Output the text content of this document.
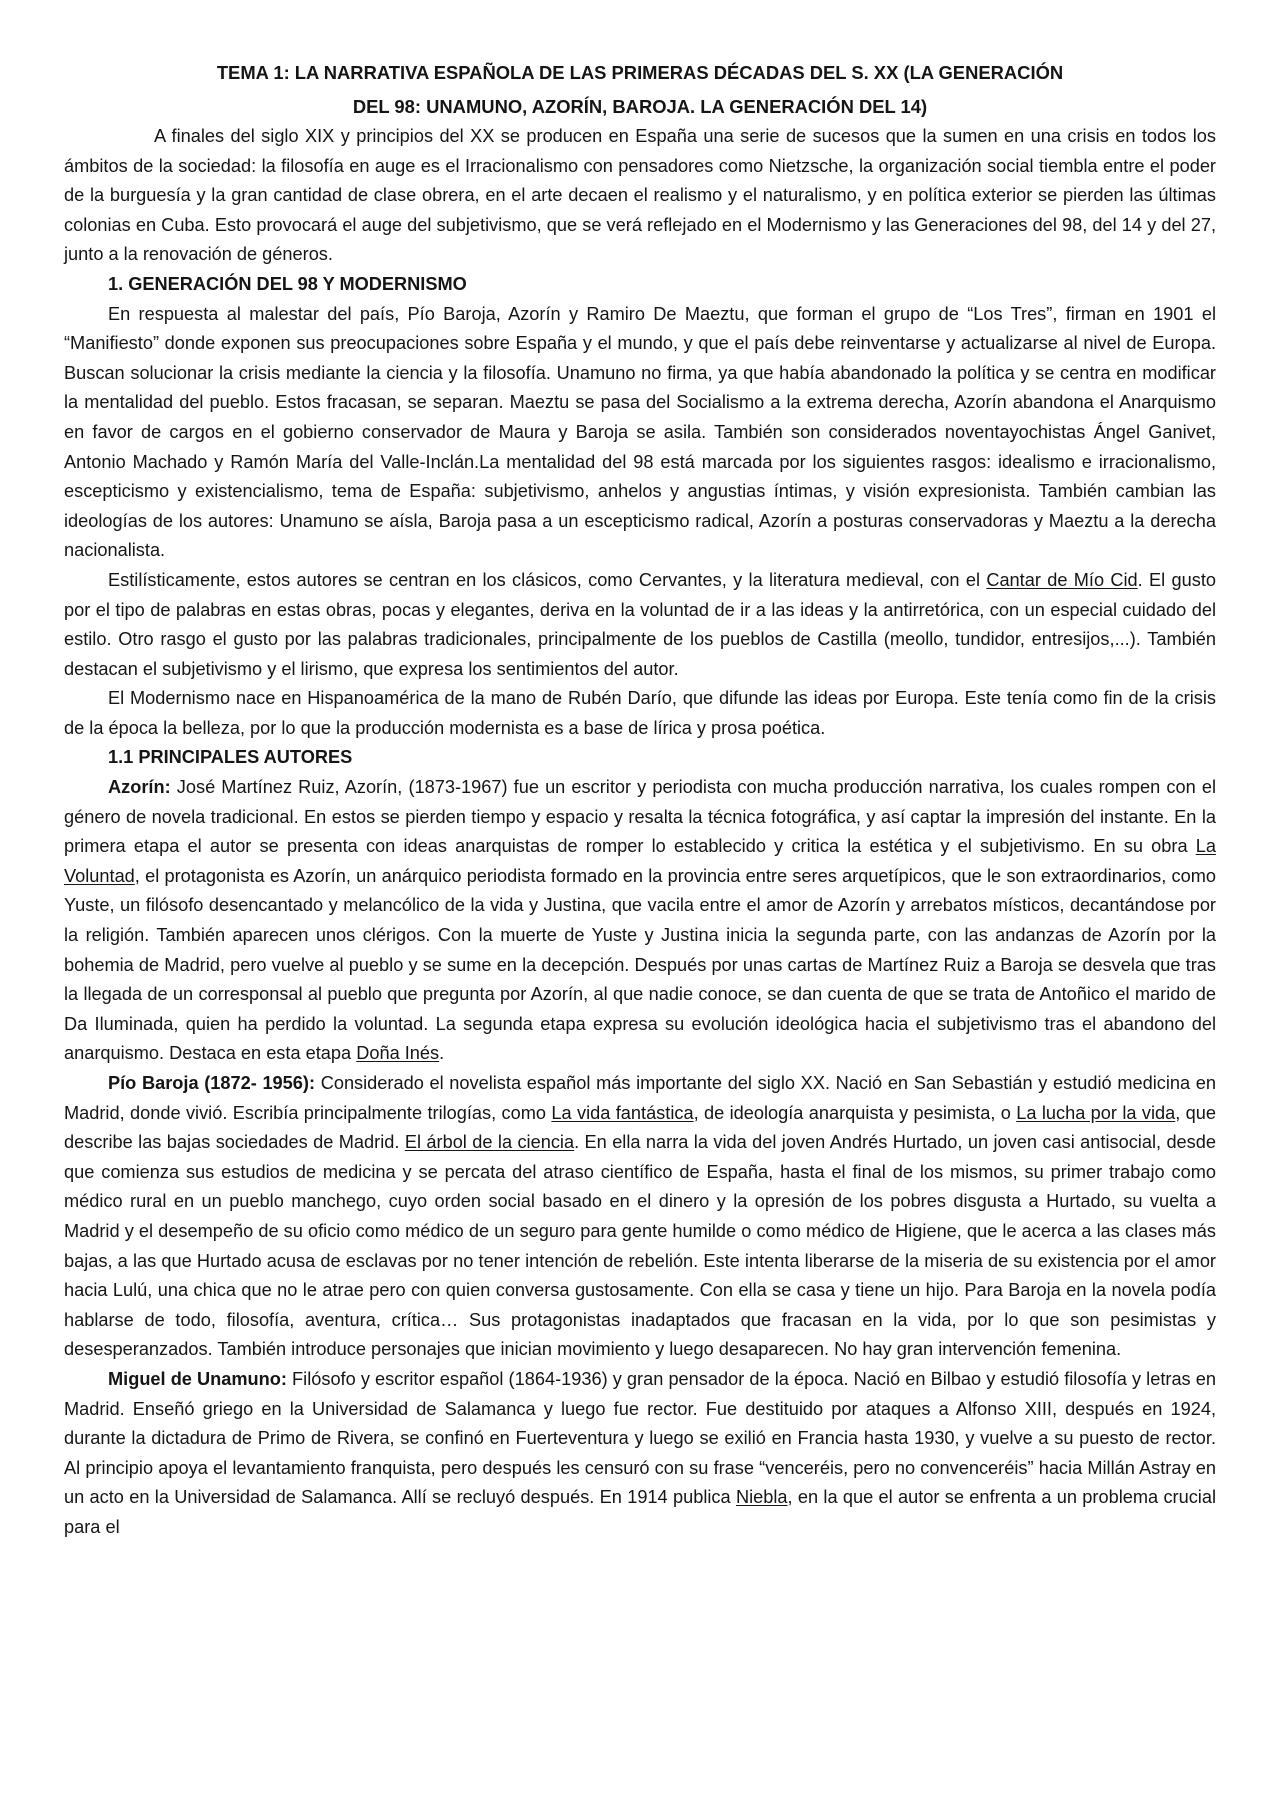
TEMA 1: LA NARRATIVA ESPAÑOLA DE LAS PRIMERAS DÉCADAS DEL S. XX (LA GENERACIÓN
DEL 98: UNAMUNO, AZORÍN, BAROJA. LA GENERACIÓN DEL 14)

A finales del siglo XIX y principios del XX se producen en España una serie de sucesos que la sumen en una crisis en todos los ámbitos de la sociedad: la filosofía en auge es el Irracionalismo con pensadores como Nietzsche, la organización social tiembla entre el poder de la burguesía y la gran cantidad de clase obrera, en el arte decaen el realismo y el naturalismo, y en política exterior se pierden las últimas colonias en Cuba. Esto provocará el auge del subjetivismo, que se verá reflejado en el Modernismo y las Generaciones del 98, del 14 y del 27, junto a la renovación de géneros.

1. GENERACIÓN DEL 98 Y MODERNISMO

En respuesta al malestar del país, Pío Baroja, Azorín y Ramiro De Maeztu, que forman el grupo de “Los Tres”, firman en 1901 el “Manifiesto” donde exponen sus preocupaciones sobre España y el mundo, y que el país debe reinventarse y actualizarse al nivel de Europa. Buscan solucionar la crisis mediante la ciencia y la filosofía. Unamuno no firma, ya que había abandonado la política y se centra en modificar la mentalidad del pueblo. Estos fracasan, se separan. Maeztu se pasa del Socialismo a la extrema derecha, Azorín abandona el Anarquismo en favor de cargos en el gobierno conservador de Maura y Baroja se asila. También son considerados noventayochistas Ángel Ganivet, Antonio Machado y Ramón María del Valle-Inclán.La mentalidad del 98 está marcada por los siguientes rasgos: idealismo e irracionalismo, escepticismo y existencialismo, tema de España: subjetivismo, anhelos y angustias íntimas, y visión expresionista. También cambian las ideologías de los autores: Unamuno se aísla, Baroja pasa a un escepticismo radical, Azorín a posturas conservadoras y Maeztu a la derecha nacionalista.

Estilísticamente, estos autores se centran en los clásicos, como Cervantes, y la literatura medieval, con el Cantar de Mío Cid. El gusto por el tipo de palabras en estas obras, pocas y elegantes, deriva en la voluntad de ir a las ideas y la antirretórica, con un especial cuidado del estilo. Otro rasgo el gusto por las palabras tradicionales, principalmente de los pueblos de Castilla (meollo, tundidor, entresijos,...). También destacan el subjetivismo y el lirismo, que expresa los sentimientos del autor.

El Modernismo nace en Hispanoamérica de la mano de Rubén Darío, que difunde las ideas por Europa. Este tenía como fin de la crisis de la época la belleza, por lo que la producción modernista es a base de lírica y prosa poética.

1.1 PRINCIPALES AUTORES

Azorín: José Martínez Ruiz, Azorín, (1873-1967) fue un escritor y periodista con mucha producción narrativa, los cuales rompen con el género de novela tradicional. En estos se pierden tiempo y espacio y resalta la técnica fotográfica, y así captar la impresión del instante. En la primera etapa el autor se presenta con ideas anarquistas de romper lo establecido y critica la estética y el subjetivismo. En su obra La Voluntad, el protagonista es Azorín, un anárquico periodista formado en la provincia entre seres arquetípicos, que le son extraordinarios, como Yuste, un filósofo desencantado y melancólico de la vida y Justina, que vacila entre el amor de Azorín y arrebatos místicos, decantándose por la religión. También aparecen unos clérigos. Con la muerte de Yuste y Justina inicia la segunda parte, con las andanzas de Azorín por la bohemia de Madrid, pero vuelve al pueblo y se sume en la decepción. Después por unas cartas de Martínez Ruiz a Baroja se desvela que tras la llegada de un corresponsal al pueblo que pregunta por Azorín, al que nadie conoce, se dan cuenta de que se trata de Antoñico el marido de Da Iluminada, quien ha perdido la voluntad. La segunda etapa expresa su evolución ideológica hacia el subjetivismo tras el abandono del anarquismo. Destaca en esta etapa Doña Inés.

Pío Baroja (1872- 1956): Considerado el novelista español más importante del siglo XX. Nació en San Sebastián y estudió medicina en Madrid, donde vivió. Escribía principalmente trilogías, como La vida fantástica, de ideología anarquista y pesimista, o La lucha por la vida, que describe las bajas sociedades de Madrid. El árbol de la ciencia. En ella narra la vida del joven Andrés Hurtado, un joven casi antisocial, desde que comienza sus estudios de medicina y se percata del atraso científico de España, hasta el final de los mismos, su primer trabajo como médico rural en un pueblo manchego, cuyo orden social basado en el dinero y la opresión de los pobres disgusta a Hurtado, su vuelta a Madrid y el desempeño de su oficio como médico de un seguro para gente humilde o como médico de Higiene, que le acerca a las clases más bajas, a las que Hurtado acusa de esclavas por no tener intención de rebelión. Este intenta liberarse de la miseria de su existencia por el amor hacia Lulú, una chica que no le atrae pero con quien conversa gustosamente. Con ella se casa y tiene un hijo. Para Baroja en la novela podía hablarse de todo, filosofía, aventura, crítica… Sus protagonistas inadaptados que fracasan en la vida, por lo que son pesimistas y desesperanzados. También introduce personajes que inician movimiento y luego desaparecen. No hay gran intervención femenina.

Miguel de Unamuno: Filósofo y escritor español (1864-1936) y gran pensador de la época. Nació en Bilbao y estudió filosofía y letras en Madrid. Enseñó griego en la Universidad de Salamanca y luego fue rector. Fue destituido por ataques a Alfonso XIII, después en 1924, durante la dictadura de Primo de Rivera, se confinó en Fuerteventura y luego se exilió en Francia hasta 1930, y vuelve a su puesto de rector. Al principio apoya el levantamiento franquista, pero después les censuró con su frase “venceréis, pero no convenceréis” hacia Millán Astray en un acto en la Universidad de Salamanca. Allí se recluyó después. En 1914 publica Niebla, en la que el autor se enfrenta a un problema crucial para el
